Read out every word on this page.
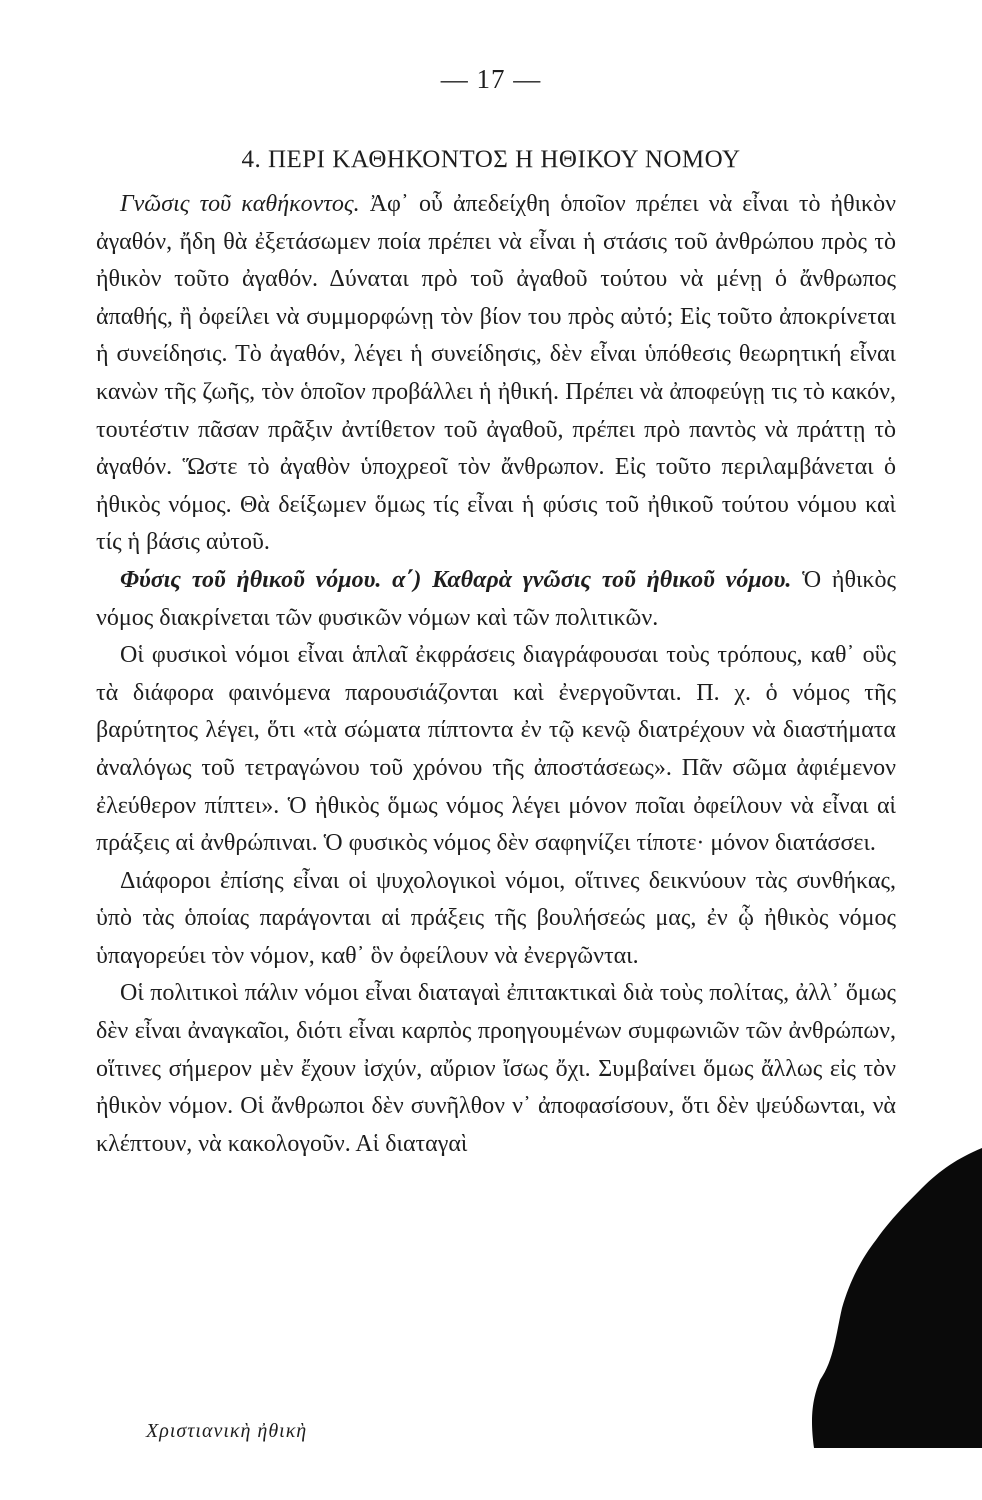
— 17 —
4. ΠΕΡΙ ΚΑΘΗΚΟΝΤΟΣ Η ΗΘΙΚΟΥ ΝΟΜΟΥ

Γνῶσις τοῦ καθήκοντος. Ἀφ᾽ οὗ ἀπεδείχθη ὁποῖον πρέπει νὰ εἶναι τὸ ἠθικὸν ἀγαθόν, ἤδη θὰ ἐξετάσωμεν ποία πρέπει νὰ εἶναι ἡ στάσις τοῦ ἀνθρώπου πρὸς τὸ ἠθικὸν τοῦτο ἀγαθόν. Δύναται πρὸ τοῦ ἀγαθοῦ τούτου νὰ μένῃ ὁ ἄνθρωπος ἀπαθής, ἢ ὀφείλει νὰ συμμορφώνῃ τὸν βίον του πρὸς αὐτό; Εἰς τοῦτο ἀποκρίνεται ἡ συνείδησις. Τὸ ἀγαθόν, λέγει ἡ συνείδησις, δὲν εἶναι ὑπόθεσις θεωρητική εἶναι κανὼν τῆς ζωῆς, τὸν ὁποῖον προβάλλει ἡ ἠθική. Πρέπει νὰ ἀποφεύγῃ τις τὸ κακόν, τουτέστιν πᾶσαν πρᾶξιν ἀντίθετον τοῦ ἀγαθοῦ, πρέπει πρὸ παντὸς νὰ πράττῃ τὸ ἀγαθόν. Ὥστε τὸ ἀγαθὸν ὑποχρεοῖ τὸν ἄνθρωπον. Εἰς τοῦτο περιλαμβάνεται ὁ ἠθικὸς νόμος. Θὰ δείξωμεν ὅμως τίς εἶναι ἡ φύσις τοῦ ἠθικοῦ τούτου νόμου καὶ τίς ἡ βάσις αὐτοῦ.

Φύσις τοῦ ἠθικοῦ νόμου. α΄) Καθαρὰ γνῶσις τοῦ ἠθικοῦ νόμου. Ὁ ἠθικὸς νόμος διακρίνεται τῶν φυσικῶν νόμων καὶ τῶν πολιτικῶν.

Οἱ φυσικοὶ νόμοι εἶναι ἁπλαῖ ἐκφράσεις διαγράφουσαι τοὺς τρόπους, καθ᾽ οὓς τὰ διάφορα φαινόμενα παρουσιάζονται καὶ ἐνεργοῦνται. Π. χ. ὁ νόμος τῆς βαρύτητος λέγει, ὅτι «τὰ σώματα πίπτοντα ἐν τῷ κενῷ διατρέχουν νὰ διαστήματα ἀναλόγως τοῦ τετραγώνου τοῦ χρόνου τῆς ἀποστάσεως». Πᾶν σῶμα ἀφιέμενον ἐλεύθερον πίπτει». Ὁ ἠθικὸς ὅμως νόμος λέγει μόνον ποῖαι ὀφείλουν νὰ εἶναι αἱ πράξεις αἱ ἀνθρώπιναι. Ὁ φυσικὸς νόμος δὲν σαφηνίζει τίποτε· μόνον διατάσσει.

Διάφοροι ἐπίσης εἶναι οἱ ψυχολογικοὶ νόμοι, οἵτινες δεικνύουν τὰς συνθήκας, ὑπὸ τὰς ὁποίας παράγονται αἱ πράξεις τῆς βουλήσεώς μας, ἐν ᾧ ἠθικὸς νόμος ὑπαγορεύει τὸν νόμον, καθ᾽ ὃν ὀφείλουν νὰ ἐνεργῶνται.

Οἱ πολιτικοὶ πάλιν νόμοι εἶναι διαταγαὶ ἐπιτακτικαὶ διὰ τοὺς πολίτας, ἀλλ᾽ ὅμως δὲν εἶναι ἀναγκαῖοι, διότι εἶναι καρπὸς προηγουμένων συμφωνιῶν τῶν ἀνθρώπων, οἵτινες σήμερον μὲν ἔχουν ἰσχύν, αὔριον ἴσως ὄχι. Συμβαίνει ὅμως ἄλλως εἰς τὸν ἠθικὸν νόμον. Οἱ ἄνθρωποι δὲν συνῆλθον ν᾽ ἀποφασίσουν, ὅτι δὲν ψεύδωνται, νὰ κλέπτουν, νὰ κακολογοῦν. Αἱ διαταγαὶ

Χριστιανικὴ ἠθικὴ
